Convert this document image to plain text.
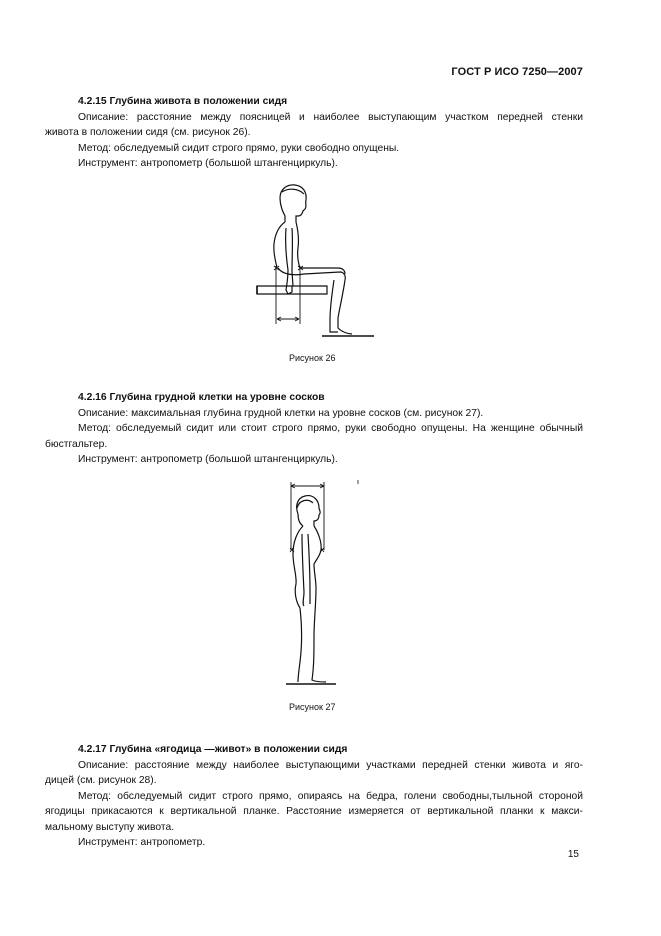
ГОСТ Р ИСО 7250—2007
4.2.15 Глубина живота в положении сидя
Описание: расстояние между поясницей и наиболее выступающим участком передней стенки
живота в положении сидя (см. рисунок 26).
Метод: обследуемый сидит строго прямо, руки свободно опущены.
Инструмент: антропометр (большой штангенциркуль).
Рисунок 26
4.2.16 Глубина грудной клетки на уровне сосков
Описание: максимальная глубина грудной клетки на уровне сосков (см. рисунок 27).
Метод: обследуемый сидит или стоит строго прямо, руки свободно опущены. На женщине обычный
бюстгальтер.
Инструмент: антропометр (большой штангенциркуль).
Рисунок 27
4.2.17 Глубина «ягодица —живот» в положении сидя
Описание: расстояние между наиболее выступающими участками передней стенки живота и яго-
дицей (см. рисунок 28).
Метод: обследуемый сидит строго прямо, опираясь на бедра, голени свободны,тыльной стороной
ягодицы прикасаются к вертикальной планке. Расстояние измеряется от вертикальной планки к макси-
мальному выступу живота.
Инструмент: антропометр.
15
